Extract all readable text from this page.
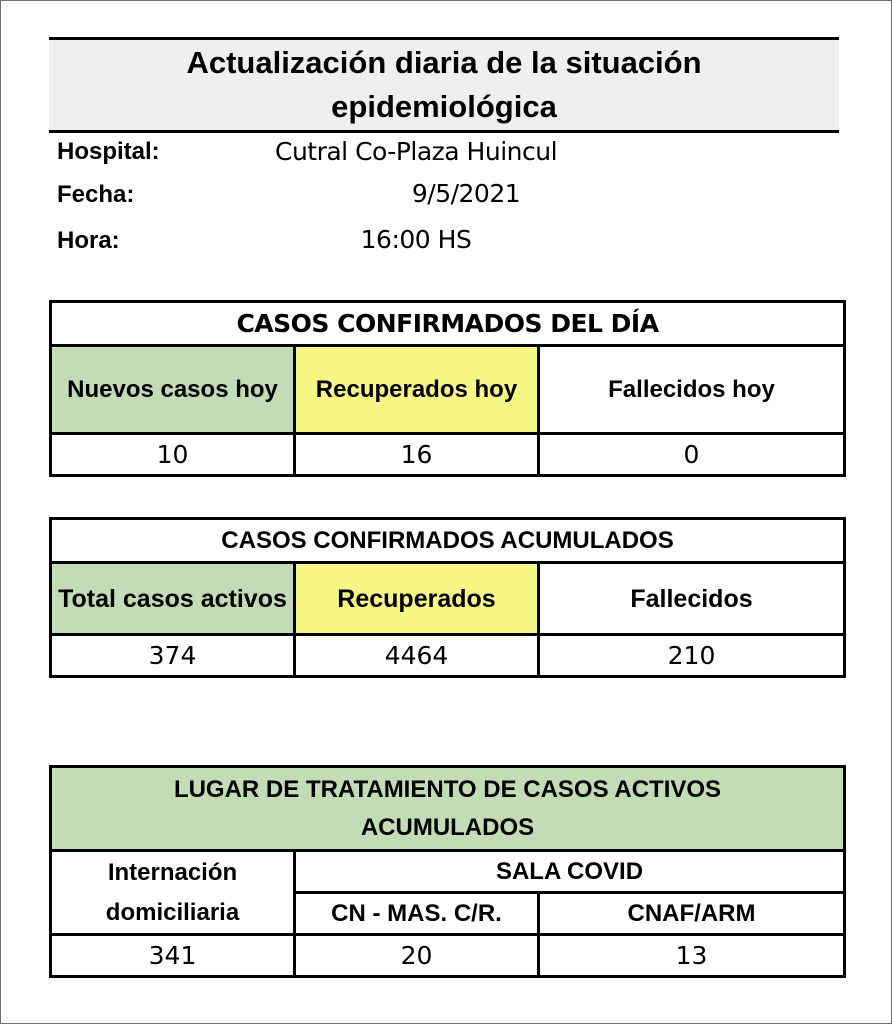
Actualización diaria de la situación epidemiológica
Hospital:	Cutral Co-Plaza Huincul
Fecha:	9/5/2021
Hora:	16:00 HS
CASOS CONFIRMADOS DEL DÍA		
Nuevos casos hoy	Recuperados hoy	Fallecidos hoy
10	16	0
CASOS CONFIRMADOS ACUMULADOS		
Total casos activos	Recuperados	Fallecidos
374	4464	210
LUGAR DE TRATAMIENTO DE CASOS ACTIVOS ACUMULADOS		
Internación domiciliaria	SALA COVID	
	CN - MAS. C/R.	CNAF/ARM
341	20	13
